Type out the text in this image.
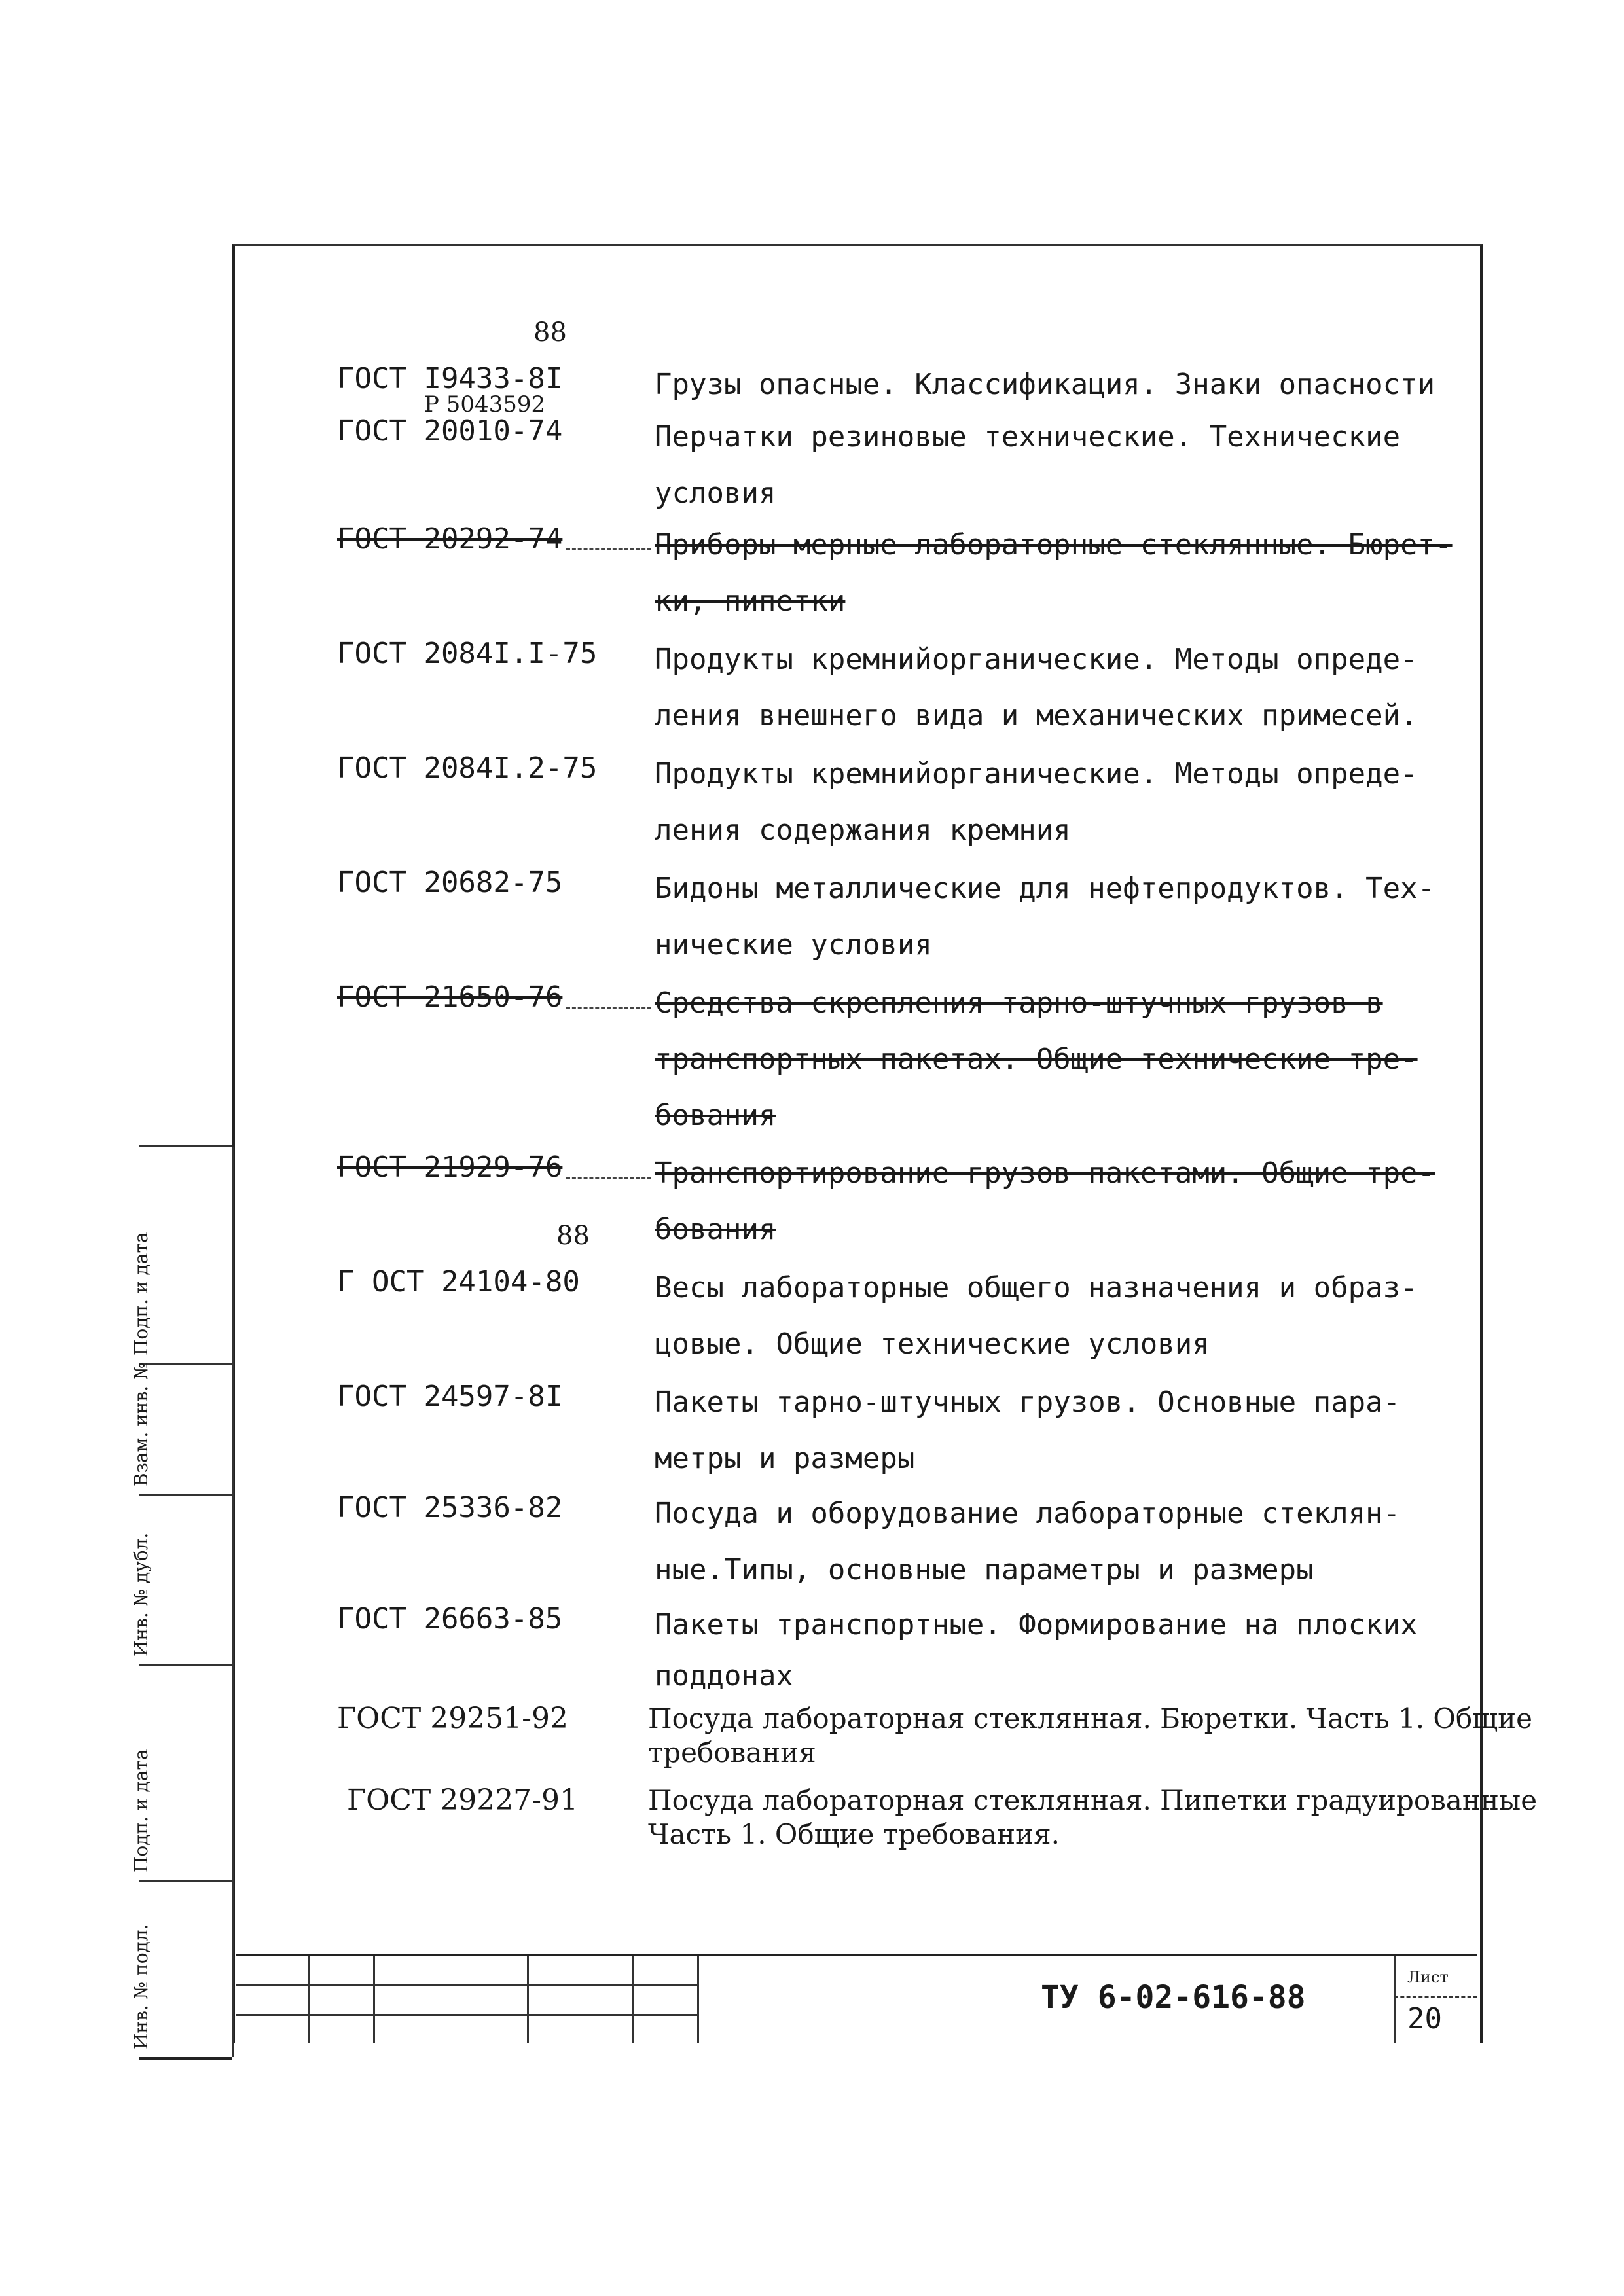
Подп. и дата
Взам. инв. №
Инв. № дубл.
Подп. и дата
Инв. № подл.
88
ГОСТ I9433-8I	Грузы опасные. Классификация. Знаки опасности
Р 5043592
ГОСТ 20010-74	Перчатки резиновые технические. Технические
условия
ГОСТ 20292-74	Приборы мерные лабораторные стеклянные. Бюрет-
ки, пипетки
ГОСТ 2084I.I-75 Продукты кремнийорганические. Методы опреде-
ления внешнего вида и механических примесей.
ГОСТ 2084I.2-75 Продукты кремнийорганические. Методы опреде-
ления содержания кремния
ГОСТ 20682-75	Бидоны металлические для нефтепродуктов. Тех-
нические условия
ГОСТ 21650-76	Средства скрепления тарно-штучных грузов в
транспортных пакетах. Общие технические тре-
бования
ГОСТ 21929-76	Транспортирование грузов пакетами. Общие тре-
бования
88
Г ОСТ 24104-80	Весы лабораторные общего назначения и образ-
цовые. Общие технические условия
ГОСТ 24597-8I	Пакеты тарно-штучных грузов. Основные пара-
метры и размеры
ГОСТ 25336-82	Посуда и оборудование лабораторные стеклян-
ные.Типы, основные параметры и размеры
ГОСТ 26663-85	Пакеты транспортные. Формирование на плоских
поддонах
ГОСТ 29251-92	Посуда лабораторная стеклянная. Бюретки. Часть 1. Общие
требования
ГОСТ 29227-91	Посуда лабораторная стеклянная. Пипетки градуированные
Часть 1. Общие требования.
ТУ 6-02-616-88
Лист
20
